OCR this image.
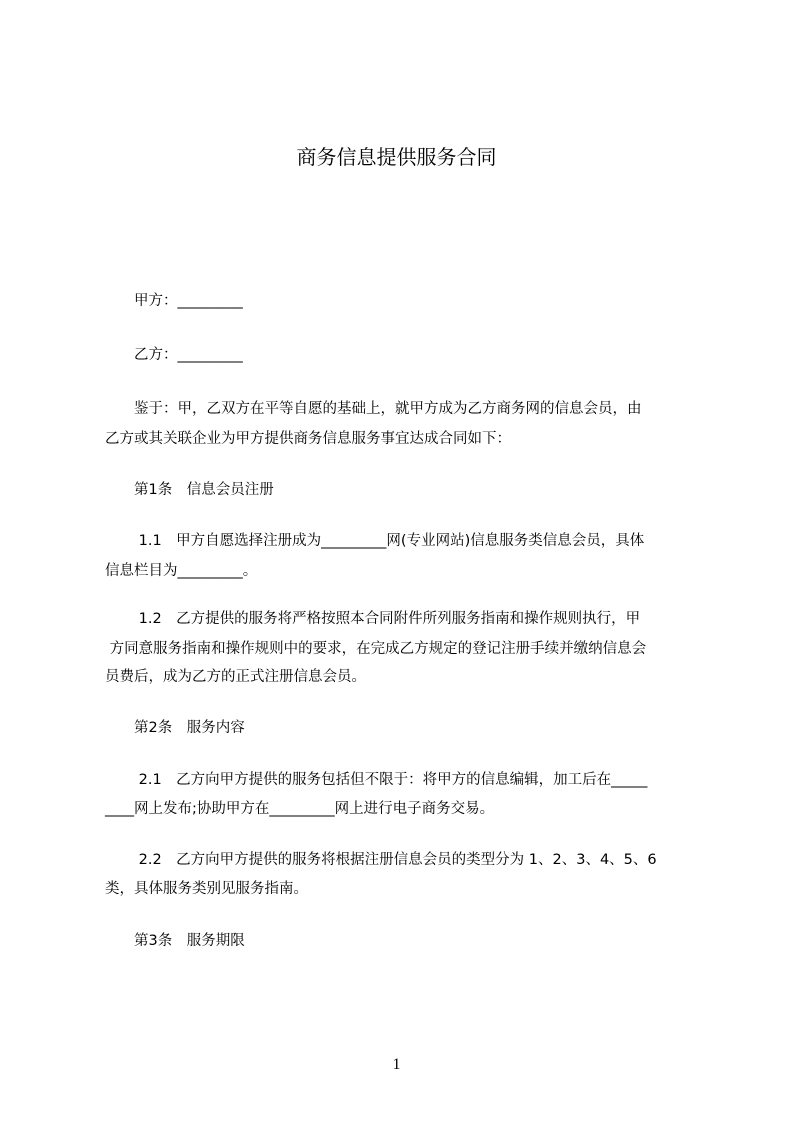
商务信息提供服务合同
　　甲方：_________
　　乙方：_________
　　鉴于：甲，乙双方在平等自愿的基础上，就甲方成为乙方商务网的信息会员，由
乙方或其关联企业为甲方提供商务信息服务事宜达成合同如下：
　　第1条　信息会员注册
　　 1.1　甲方自愿选择注册成为_________网(专业网站)信息服务类信息会员，具体
信息栏目为_________。
　　 1.2　乙方提供的服务将严格按照本合同附件所列服务指南和操作规则执行，甲
方同意服务指南和操作规则中的要求，在完成乙方规定的登记注册手续并缴纳信息会
员费后，成为乙方的正式注册信息会员。
　　第2条　服务内容
　　 2.1　乙方向甲方提供的服务包括但不限于：将甲方的信息编辑，加工后在_____
____网上发布;协助甲方在_________网上进行电子商务交易。
　　 2.2　乙方向甲方提供的服务将根据注册信息会员的类型分为 1、2、3、4、5、6
类，具体服务类别见服务指南。
　　第3条　服务期限
1
